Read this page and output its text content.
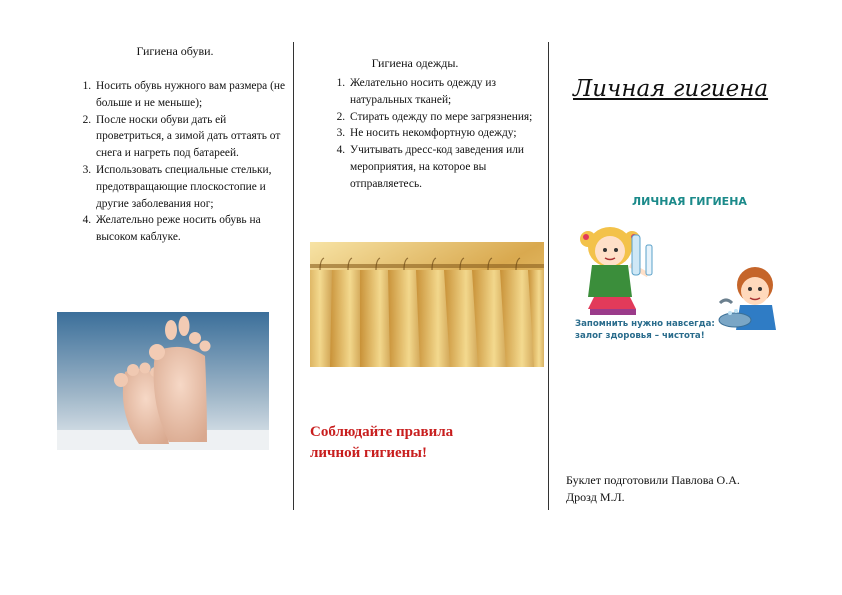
Гигиена обуви.
1. Носить обувь нужного вам размера (не больше и не меньше);
2. После носки обуви дать ей проветриться, а зимой дать оттаять от снега и нагреть под батареей.
3. Использовать специальные стельки, предотвращающие плоскостопие и другие заболевания ног;
4. Желательно реже носить обувь на высоком каблуке.
Гигиена одежды.
1. Желательно носить одежду из натуральных тканей;
2. Стирать одежду по мере загрязнения;
3. Не носить некомфортную одежду;
4. Учитывать дресс-код заведения или мероприятия, на которое вы отправляетесь.
Соблюдайте правила
личной гигиены!
Личная гигиена
ЛИЧНАЯ ГИГИЕНА
Запомнить нужно навсегда:
залог здоровья – чистота!
Буклет подготовили Павлова О.А.
Дрозд М.Л.
